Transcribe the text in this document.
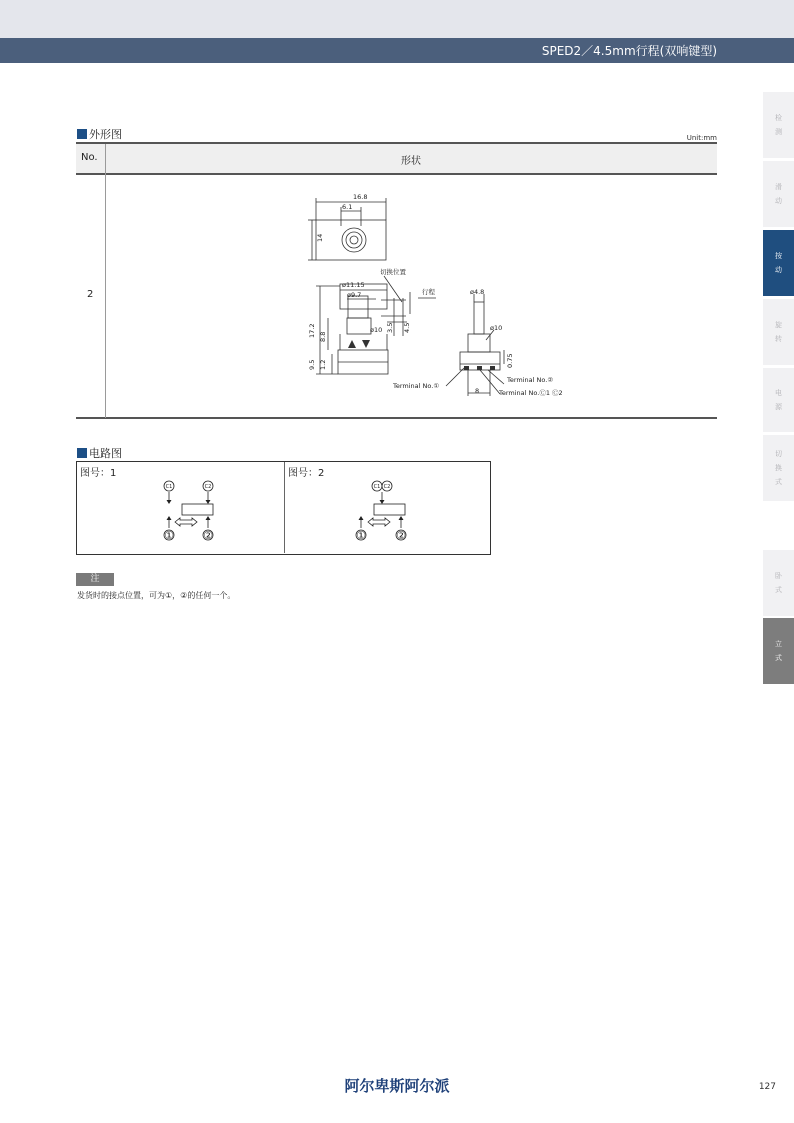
SPED2／4.5mm行程(双响键型)
外形图	Unit:mm
No.	形状
2
16.8
6.1
14
切换位置
行程
ø11.15
ø9.7
ø10
17.2 8.8
9.5 1.2
3.5 4.5
ø4.8
ø10
0.75
8
Terminal No.①
Terminal No.②
Terminal No.Ⓒ1 Ⓒ2
电路图
图号：1	图号：2
C1	C2	C1 C2
①	②	①	②
注
发货时的接点位置，可为①，②的任何一个。
检
测
滑
动
按
动
旋
转
电
源
切
换
式
卧
式
立
式
阿尔卑斯阿尔派	127
